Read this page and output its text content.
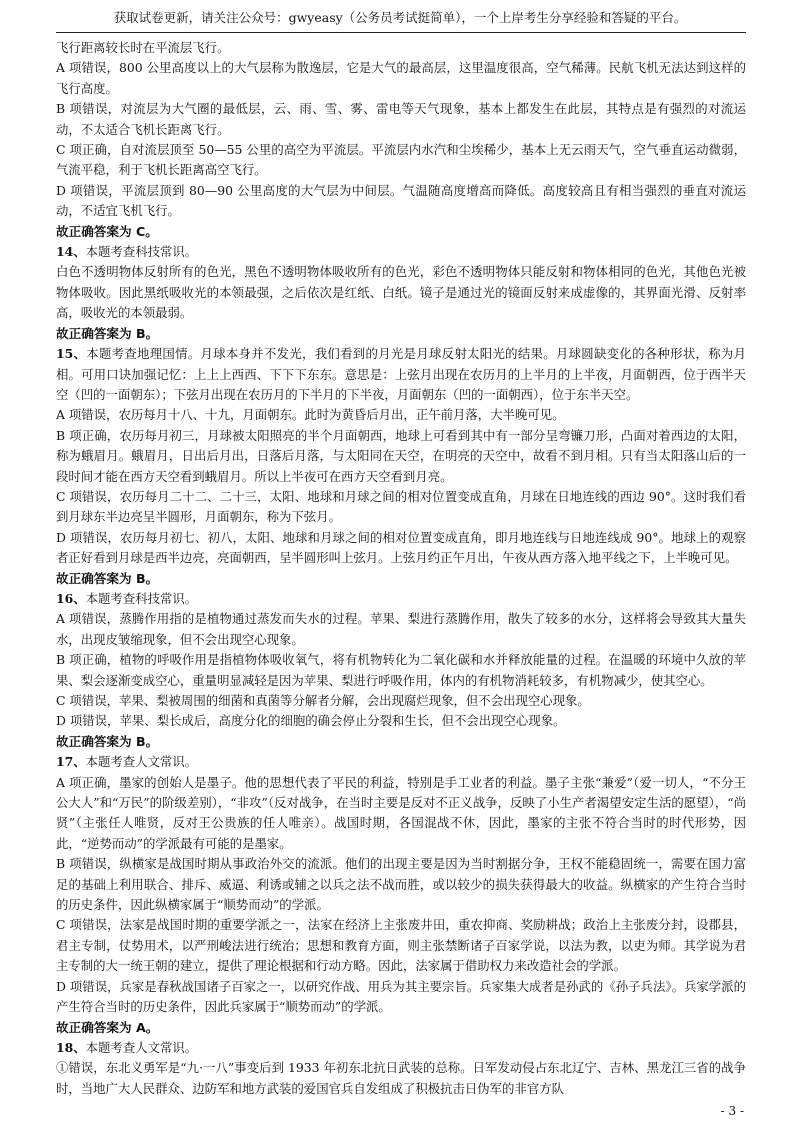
获取试卷更新，请关注公众号：gwyeasy（公务员考试挺简单），一个上岸考生分享经验和答疑的平台。

飞行距离较长时在平流层飞行。

A 项错误，800 公里高度以上的大气层称为散逸层，它是大气的最高层，这里温度很高，空气稀薄。民航飞机无法达到这样的飞行高度。

B 项错误，对流层为大气圈的最低层，云、雨、雪、雾、雷电等天气现象，基本上都发生在此层，其特点是有强烈的对流运动，不太适合飞机长距离飞行。

C 项正确，自对流层顶至 50—55 公里的高空为平流层。平流层内水汽和尘埃稀少，基本上无云雨天气，空气垂直运动微弱，气流平稳，利于飞机长距离高空飞行。

D 项错误，平流层顶到 80—90 公里高度的大气层为中间层。气温随高度增高而降低。高度较高且有相当强烈的垂直对流运动，不适宜飞机飞行。

故正确答案为 C。

14、本题考查科技常识。

白色不透明物体反射所有的色光，黑色不透明物体吸收所有的色光，彩色不透明物体只能反射和物体相同的色光，其他色光被物体吸收。因此黑纸吸收光的本领最强，之后依次是红纸、白纸。镜子是通过光的镜面反射来成虚像的，其界面光滑、反射率高，吸收光的本领最弱。

故正确答案为 B。

15、本题考查地理国情。月球本身并不发光，我们看到的月光是月球反射太阳光的结果。月球圆缺变化的各种形状，称为月相。可用口诀加强记忆：上上上西西、下下下东东。意思是：上弦月出现在农历月的上半月的上半夜，月面朝西，位于西半天空（凹的一面朝东）；下弦月出现在农历月的下半月的下半夜，月面朝东（凹的一面朝西），位于东半天空。

A 项错误，农历每月十八、十九，月面朝东。此时为黄昏后月出，正午前月落，大半晚可见。

B 项正确，农历每月初三，月球被太阳照亮的半个月面朝西，地球上可看到其中有一部分呈弯镰刀形，凸面对着西边的太阳，称为蛾眉月。蛾眉月，日出后月出，日落后月落，与太阳同在天空，在明亮的天空中，故看不到月相。只有当太阳落山后的一段时间才能在西方天空看到蛾眉月。所以上半夜可在西方天空看到月亮。

C 项错误，农历每月二十二、二十三，太阳、地球和月球之间的相对位置变成直角，月球在日地连线的西边 90°。这时我们看到月球东半边亮呈半圆形，月面朝东，称为下弦月。

D 项错误，农历每月初七、初八，太阳、地球和月球之间的相对位置变成直角，即月地连线与日地连线成 90°。地球上的观察者正好看到月球是西半边亮，亮面朝西，呈半圆形叫上弦月。上弦月约正午月出，午夜从西方落入地平线之下，上半晚可见。

故正确答案为 B。

16、本题考查科技常识。

A 项错误，蒸腾作用指的是植物通过蒸发而失水的过程。苹果、梨进行蒸腾作用，散失了较多的水分，这样将会导致其大量失水，出现皮皱缩现象，但不会出现空心现象。

B 项正确，植物的呼吸作用是指植物体吸收氧气，将有机物转化为二氧化碳和水并释放能量的过程。在温暖的环境中久放的苹果、梨会逐渐变成空心，重量明显减轻是因为苹果、梨进行呼吸作用，体内的有机物消耗较多，有机物减少，使其空心。

C 项错误，苹果、梨被周围的细菌和真菌等分解者分解，会出现腐烂现象，但不会出现空心现象。

D 项错误，苹果、梨长成后，高度分化的细胞的确会停止分裂和生长，但不会出现空心现象。

故正确答案为 B。

17、本题考查人文常识。

A 项正确，墨家的创始人是墨子。他的思想代表了平民的利益，特别是手工业者的利益。墨子主张“兼爱”（爱一切人，“不分王公大人”和“万民”的阶级差别），“非攻”（反对战争，在当时主要是反对不正义战争，反映了小生产者渴望安定生活的愿望），“尚贤”（主张任人唯贤，反对王公贵族的任人唯亲）。战国时期，各国混战不休，因此，墨家的主张不符合当时的时代形势，因此，“逆势而动”的学派最有可能的是墨家。

B 项错误，纵横家是战国时期从事政治外交的流派。他们的出现主要是因为当时割据分争，王权不能稳固统一，需要在国力富足的基础上利用联合、排斥、威逼、利诱或辅之以兵之法不战而胜，或以较少的损失获得最大的收益。纵横家的产生符合当时的历史条件，因此纵横家属于“顺势而动”的学派。

C 项错误，法家是战国时期的重要学派之一，法家在经济上主张废井田，重农抑商、奖励耕战；政治上主张废分封，设郡县，君主专制，仗势用术，以严刑峻法进行统治；思想和教育方面，则主张禁断诸子百家学说，以法为教，以吏为师。其学说为君主专制的大一统王朝的建立，提供了理论根据和行动方略。因此，法家属于借助权力来改造社会的学派。

D 项错误，兵家是春秋战国诸子百家之一，以研究作战、用兵为其主要宗旨。兵家集大成者是孙武的《孙子兵法》。兵家学派的产生符合当时的历史条件，因此兵家属于“顺势而动”的学派。

故正确答案为 A。

18、本题考查人文常识。

①错误，东北义勇军是“九·一八”事变后到 1933 年初东北抗日武装的总称。日军发动侵占东北辽宁、吉林、黑龙江三省的战争时，当地广大人民群众、边防军和地方武装的爱国官兵自发组成了积极抗击日伪军的非官方队

- 3 -
